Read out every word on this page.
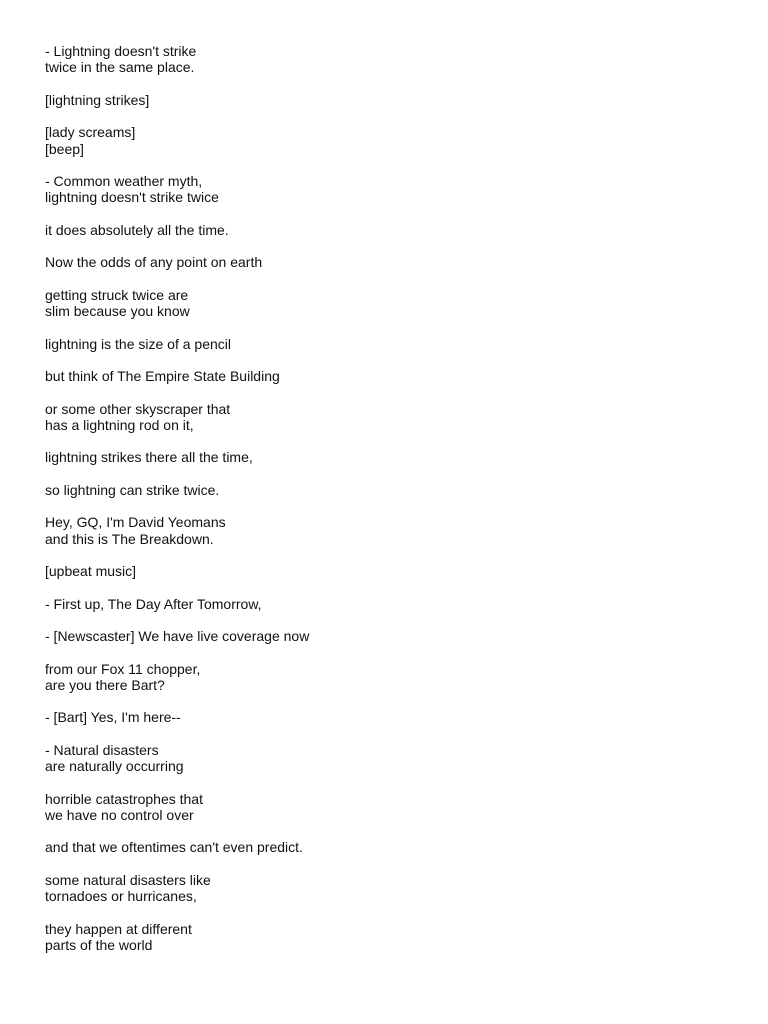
- Lightning doesn't strike
twice in the same place.
[lightning strikes]
[lady screams]
[beep]
- Common weather myth,
lightning doesn't strike twice
it does absolutely all the time.
Now the odds of any point on earth
getting struck twice are
slim because you know
lightning is the size of a pencil
but think of The Empire State Building
or some other skyscraper that
has a lightning rod on it,
lightning strikes there all the time,
so lightning can strike twice.
Hey, GQ, I'm David Yeomans
and this is The Breakdown.
[upbeat music]
- First up, The Day After Tomorrow,
- [Newscaster] We have live coverage now
from our Fox 11 chopper,
are you there Bart?
- [Bart] Yes, I'm here--
- Natural disasters
are naturally occurring
horrible catastrophes that
we have no control over
and that we oftentimes can't even predict.
some natural disasters like
tornadoes or hurricanes,
they happen at different
parts of the world
